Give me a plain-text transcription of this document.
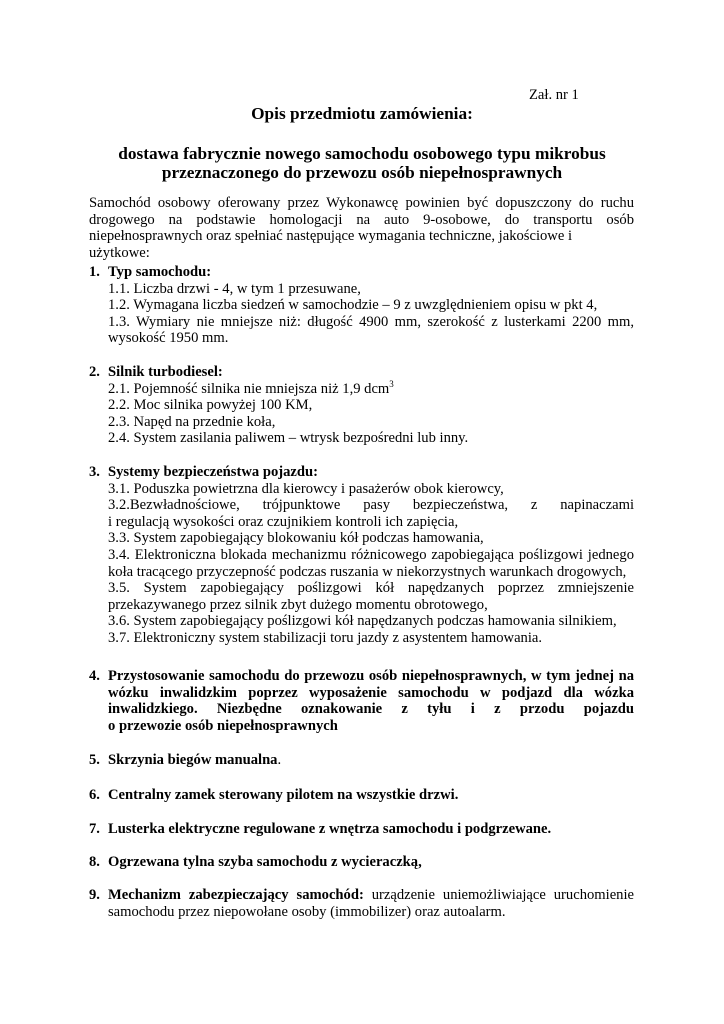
Zał. nr 1
Opis przedmiotu zamówienia:
dostawa fabrycznie nowego samochodu osobowego typu mikrobus
przeznaczonego do przewozu osób niepełnosprawnych
Samochód osobowy oferowany przez Wykonawcę powinien być dopuszczony do ruchu
drogowego na podstawie homologacji na auto 9-osobowe, do transportu osób
niepełnosprawnych oraz spełniać następujące wymagania techniczne, jakościowe i użytkowe:
1. Typ samochodu:
1.1. Liczba drzwi - 4, w tym 1 przesuwane,
1.2. Wymagana liczba siedzeń w samochodzie – 9 z uwzględnieniem opisu w pkt 4,
1.3. Wymiary nie mniejsze niż: długość 4900 mm, szerokość z lusterkami 2200 mm,
wysokość 1950 mm.
2. Silnik turbodiesel:
2.1. Pojemność silnika nie mniejsza niż 1,9 dcm$^3$
2.2. Moc silnika powyżej 100 KM,
2.3. Napęd na przednie koła,
2.4. System zasilania paliwem – wtrysk bezpośredni lub inny.
3. Systemy bezpieczeństwa pojazdu:
3.1. Poduszka powietrzna dla kierowcy i pasażerów obok kierowcy,
3.2.Bezwładnościowe, trójpunktowe pasy bezpieczeństwa, z napinaczami
i regulacją wysokości oraz czujnikiem kontroli ich zapięcia,
3.3. System zapobiegający blokowaniu kół podczas hamowania,
3.4. Elektroniczna blokada mechanizmu różnicowego zapobiegająca poślizgowi jednego
koła tracącego przyczepność podczas ruszania w niekorzystnych warunkach drogowych,
3.5. System zapobiegający poślizgowi kół napędzanych poprzez zmniejszenie
przekazywanego przez silnik zbyt dużego momentu obrotowego,
3.6. System zapobiegający poślizgowi kół napędzanych podczas hamowania silnikiem,
3.7. Elektroniczny system stabilizacji toru jazdy z asystentem hamowania.
4. Przystosowanie samochodu do przewozu osób niepełnosprawnych, w tym jednej na
wózku inwalidzkim poprzez wyposażenie samochodu w podjazd dla wózka
inwalidzkiego. Niezbędne oznakowanie z tyłu i z przodu pojazdu
o przewozie osób niepełnosprawnych
5. Skrzynia biegów manualna.
6. Centralny zamek sterowany pilotem na wszystkie drzwi.
7. Lusterka elektryczne regulowane z wnętrza samochodu i podgrzewane.
8. Ogrzewana tylna szyba samochodu z wycieraczką,
9. Mechanizm zabezpieczający samochód: urządzenie uniemożliwiające uruchomienie
samochodu przez niepowołane osoby (immobilizer) oraz autoalarm.
